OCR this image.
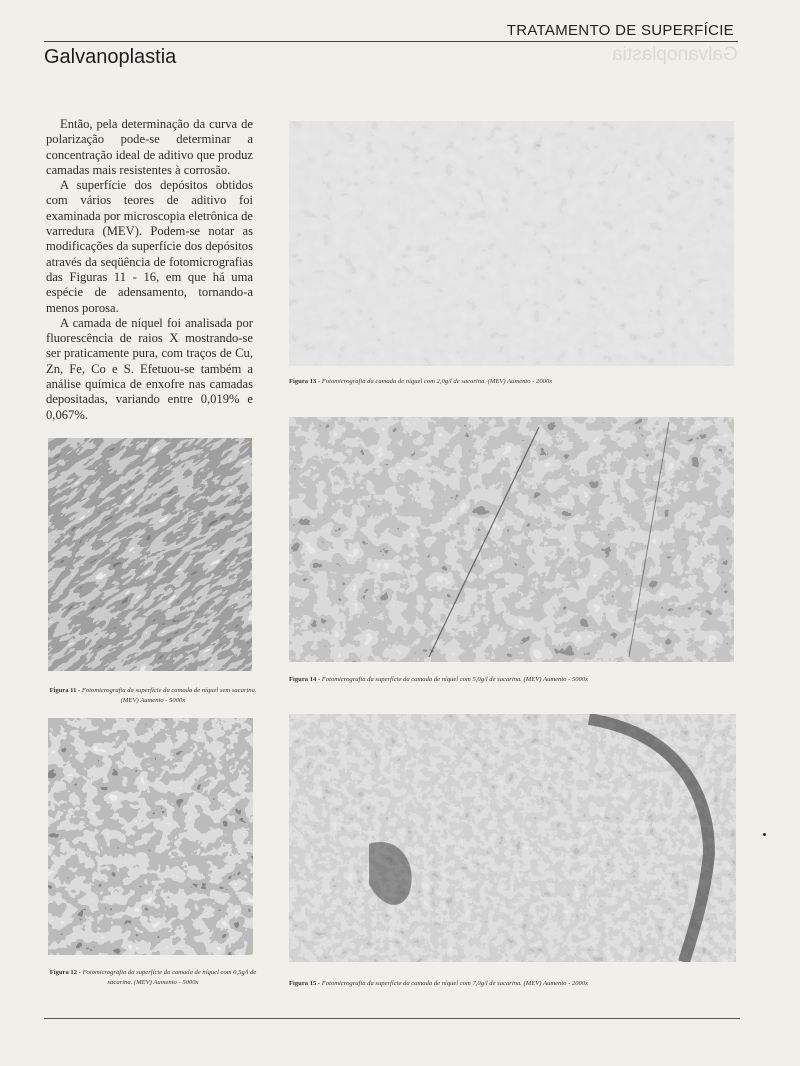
TRATAMENTO DE SUPERFÍCIE
Galvanoplastia	Galvanoplastia

Então, pela determinação da curva de polarização pode-se determinar a concentração ideal de aditivo que produz camadas mais resistentes à corrosão.

A superfície dos depósitos obtidos com vários teores de aditivo foi examinada por microscopia eletrônica de varredura (MEV). Podem-se notar as modificações da superfície dos depósitos através da seqüência de fotomicrografias das Figuras 11 - 16, em que há uma espécie de adensamento, tornando-a menos porosa.

A camada de níquel foi analisada por fluorescência de raios X mostrando-se ser praticamente pura, com traços de Cu, Zn, Fe, Co e S. Efetuou-se também a análise química de enxofre nas camadas depositadas, variando entre 0,019% e 0,067%.

Figura 13 - Fotomicrografia da camada de níquel com 2,0g/l de sacarina. (MEV) Aumento - 2000x
Figura 11 - Fotomicrografia da superfície da camada de níquel sem sacarina. (MEV) Aumento - 5000x
Figura 14 - Fotomicrografia da superfície da camada de níquel com 5,0g/l de sacarina. (MEV) Aumento - 5000x
Figura 12 - Fotomicrografia da superfície da camada de níquel com 0,5g/l de sacarina. (MEV) Aumento - 5000x	Figura 15 - Fotomicrografia da superfície da camada de níquel com 7,0g/l de sacarina. (MEV) Aumento - 2000x
